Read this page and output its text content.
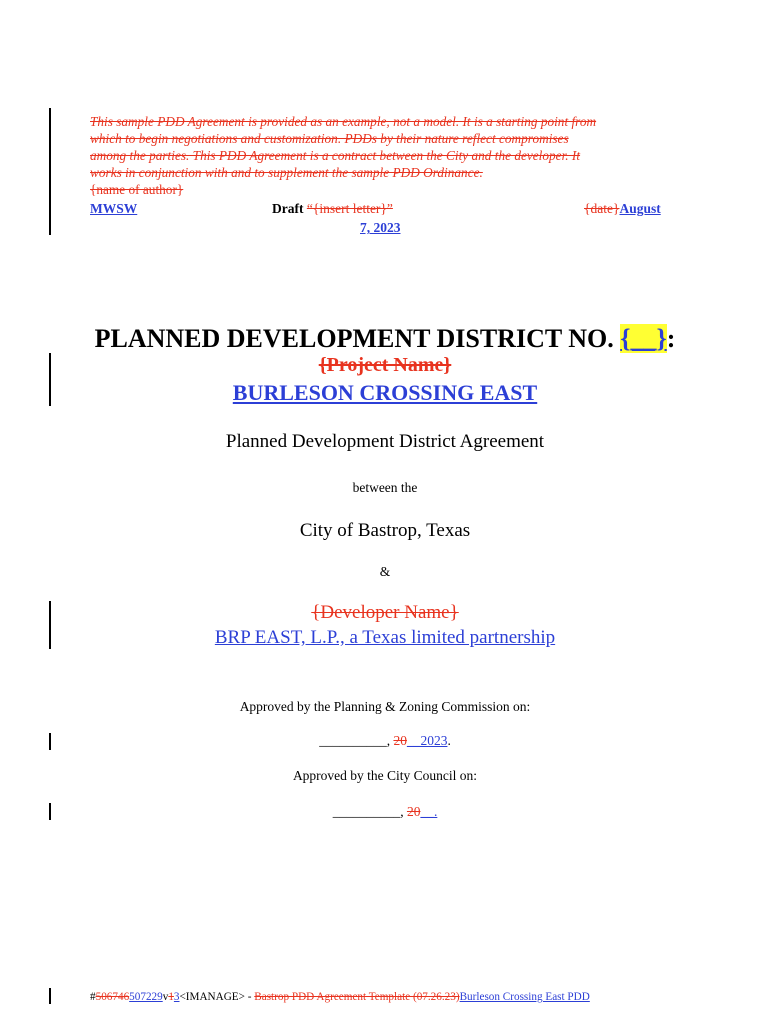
This sample PDD Agreement is provided as an example, not a model. It is a starting point from
which to begin negotiations and customization. PDDs by their nature reflect compromises
among the parties. This PDD Agreement is a contract between the City and the developer. It
works in conjunction with and to supplement the sample PDD Ordinance.
{name of author}
MWSW	Draft “{insert letter}”	{date}August
7, 2023
PLANNED DEVELOPMENT DISTRICT NO. {__}:
{Project Name}
BURLESON CROSSING EAST
Planned Development District Agreement
between the
City of Bastrop, Texas
&
{Developer Name}
BRP EAST, L.P., a Texas limited partnership
Approved by the Planning & Zoning Commission on:
__________, 20__2023.
Approved by the City Council on:
__________, 20__.
#506746507229v13<IMANAGE> - Bastrop PDD Agreement Template (07.26.23)Burleson Crossing East PDD
